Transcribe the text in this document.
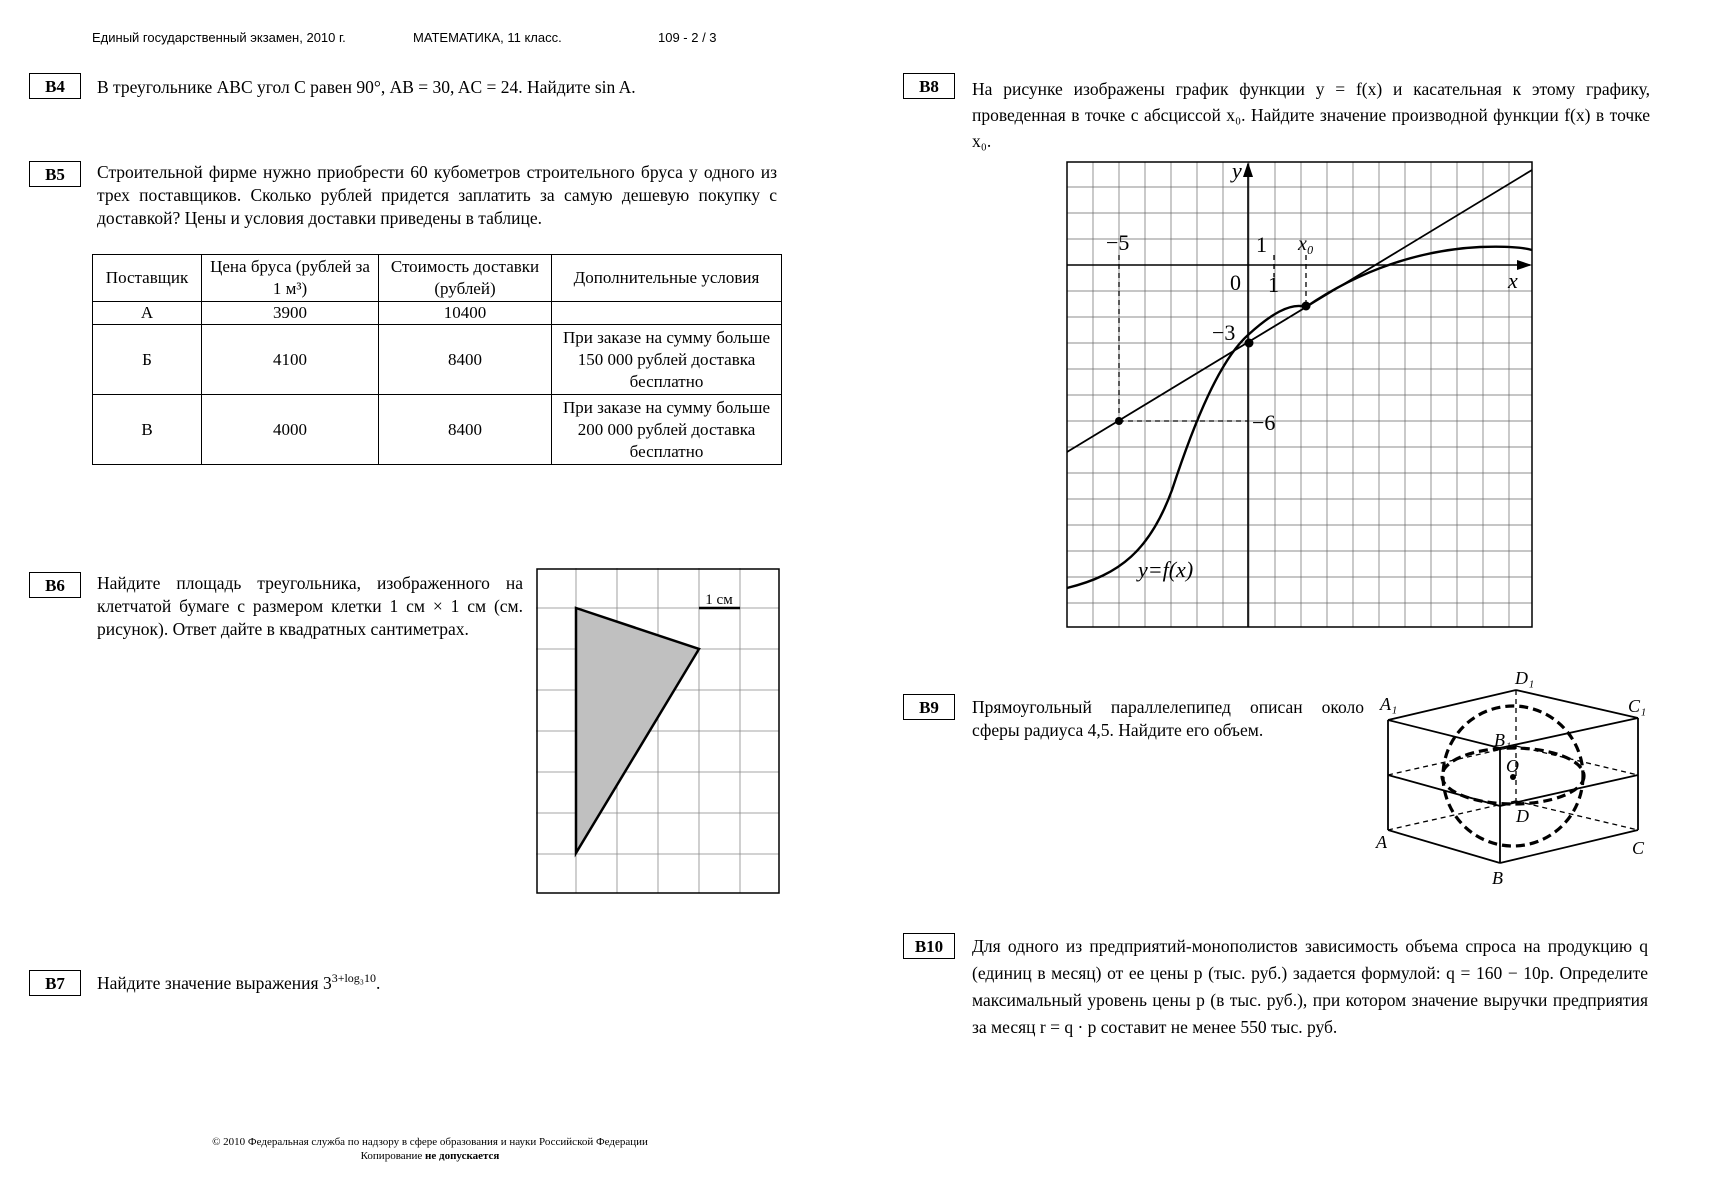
Единый государственный экзамен, 2010 г.	МАТЕМАТИКА, 11 класс.	109 - 2 / 3
B4	В треугольнике ABC угол C равен 90°, AB = 30, AC = 24. Найдите sin A.
B5	Строительной фирме нужно приобрести 60 кубометров строительного бруса у одного из трех поставщиков. Сколько рублей придется заплатить за самую дешевую покупку с доставкой? Цены и условия доставки приведены в таблице.
Поставщик	Цена бруса (рублей за 1 м³)	Стоимость доставки (рублей)	Дополнительные условия
А	3900	10400	
Б	4100	8400	При заказе на сумму больше 150 000 рублей доставка бесплатно
В	4000	8400	При заказе на сумму больше 200 000 рублей доставка бесплатно
B6	Найдите площадь треугольника, изображенного на клетчатой бумаге с размером клетки 1 см × 1 см (см. рисунок). Ответ дайте в квадратных сантиметрах.
1 см
B7	Найдите значение выражения $3^{3+log_310}$.
B8	На рисунке изображены график функции y = f(x) и касательная к этому графику, проведенная в точке с абсциссой x₀. Найдите значение производной функции f(x) в точке x₀.
y
x
0 1
1
−5
−3
−6
x₀
y=f(x)
B9	Прямоугольный параллелепипед описан около сферы радиуса 4,5. Найдите его объем.
A₁
D₁
C₁
B₁
O
D
A	C
B
B10	Для одного из предприятий-монополистов зависимость объема спроса на продукцию q (единиц в месяц) от ее цены p (тыс. руб.) задается формулой: q = 160 − 10p. Определите максимальный уровень цены p (в тыс. руб.), при котором значение выручки предприятия за месяц r = q · p составит не менее 550 тыс. руб.
© 2010 Федеральная служба по надзору в сфере образования и науки Российской Федерации
Копирование не допускается
